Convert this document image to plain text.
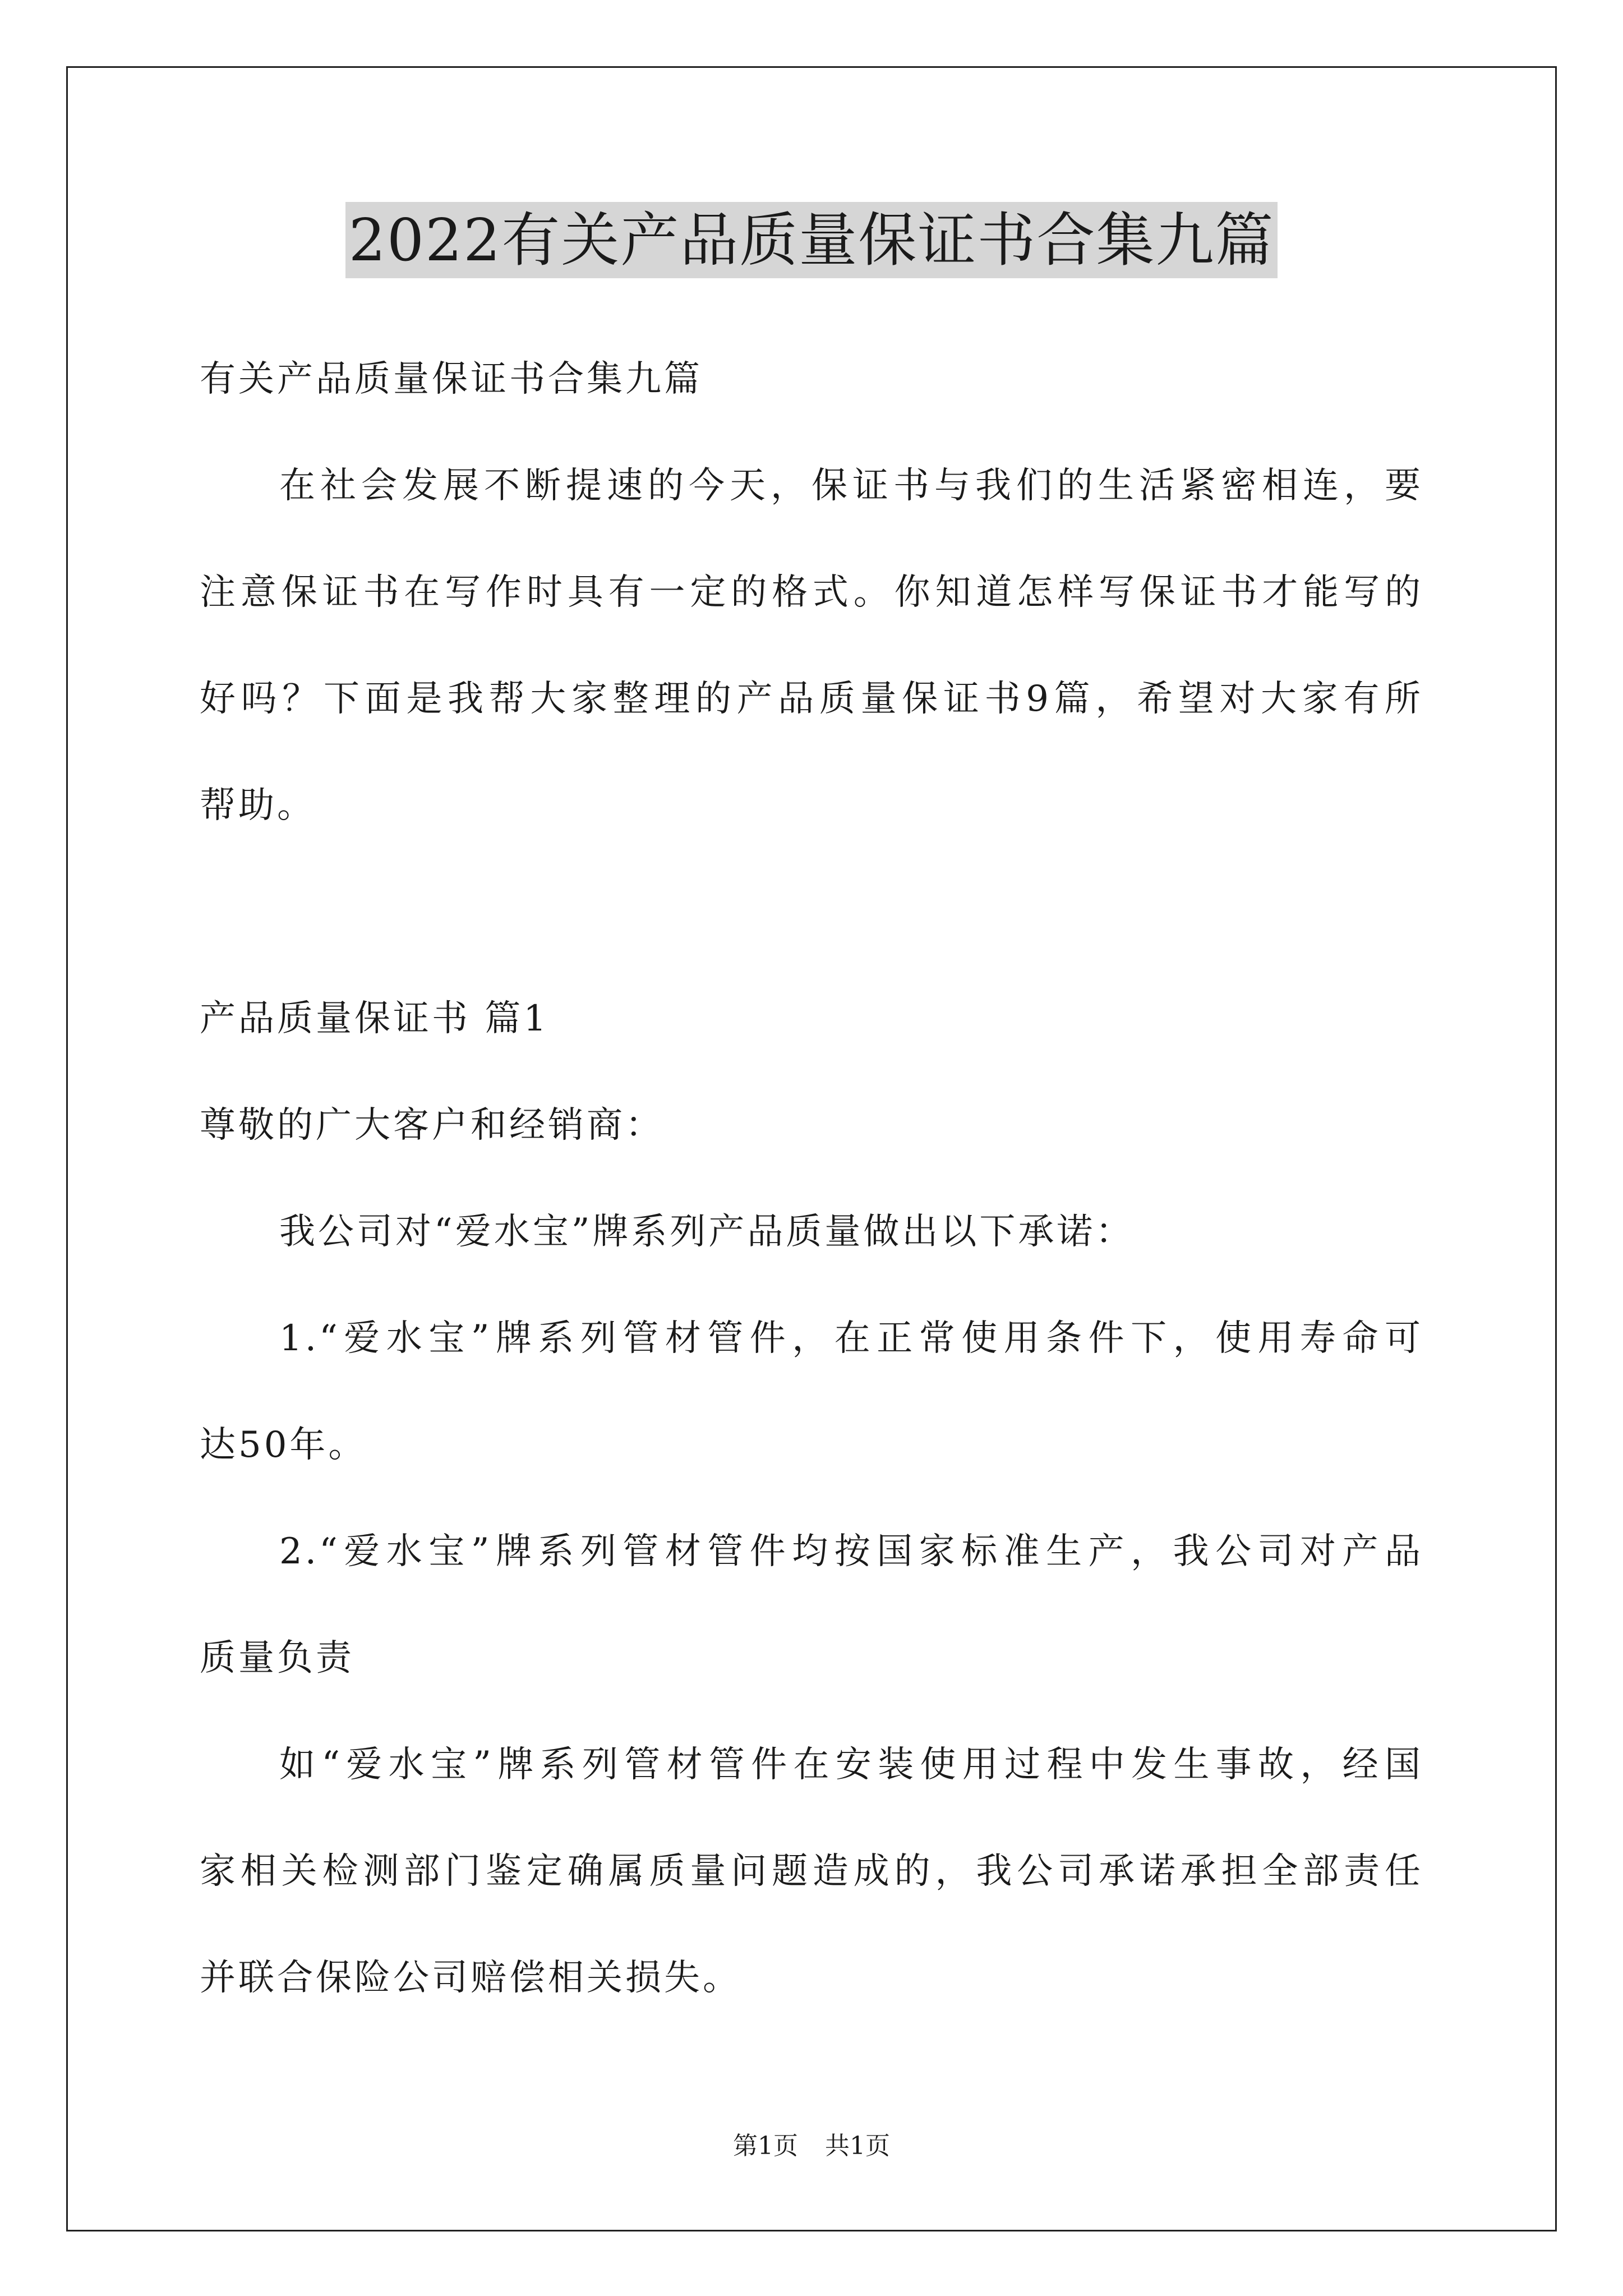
2022有关产品质量保证书合集九篇
有关产品质量保证书合集九篇
在社会发展不断提速的今天，保证书与我们的生活紧密相连，要
注意保证书在写作时具有一定的格式。你知道怎样写保证书才能写的
好吗？下面是我帮大家整理的产品质量保证书9篇，希望对大家有所
帮助。
产品质量保证书 篇1
尊敬的广大客户和经销商：
我公司对“爱水宝”牌系列产品质量做出以下承诺：
1.“爱水宝”牌系列管材管件，在正常使用条件下，使用寿命可
达50年。
2.“爱水宝”牌系列管材管件均按国家标准生产，我公司对产品
质量负责
如“爱水宝”牌系列管材管件在安装使用过程中发生事故，经国
家相关检测部门鉴定确属质量问题造成的，我公司承诺承担全部责任
并联合保险公司赔偿相关损失。
第1页 共1页
